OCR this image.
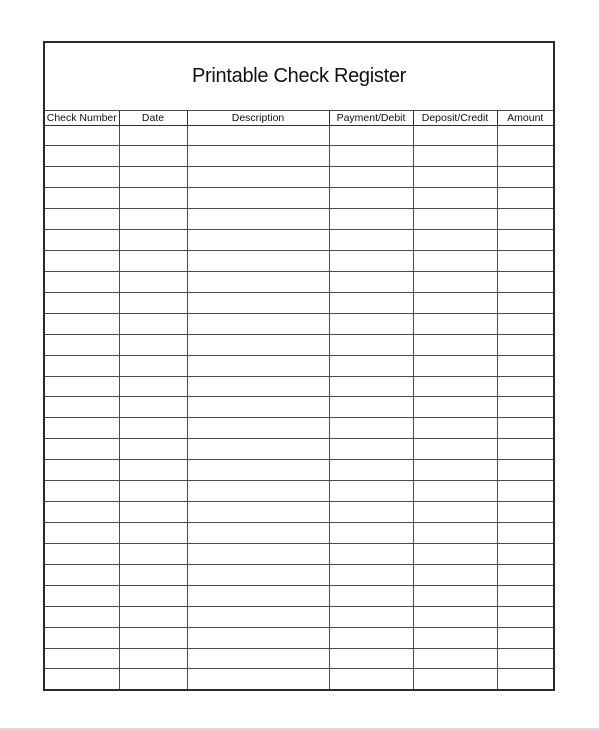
Printable Check Register					

Check Number	Date	Description	Payment/Debit	Deposit/Credit	Amount
